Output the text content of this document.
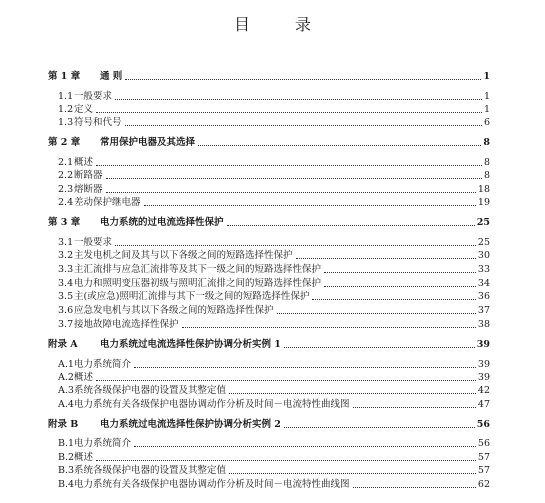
目 录
第 1 章	通 则	1
1.1 一般要求	1
1.2 定义	1
1.3 符号和代号	6
第 2 章	常用保护电器及其选择	8
2.1 概述	8
2.2 断路器	8
2.3 熔断器	18
2.4 差动保护继电器	19
第 3 章	电力系统的过电流选择性保护	25
3.1 一般要求	25
3.2 主发电机之间及其与以下各级之间的短路选择性保护	30
3.3 主汇流排与应急汇流排等及其下一级之间的短路选择性保护	33
3.4 电力和照明变压器初级与照明汇流排之间的短路选择性保护	34
3.5 主(或应急)照明汇流排与其下一级之间的短路选择性保护	36
3.6 应急发电机与其以下各级之间的短路选择性保护	37
3.7 接地故障电流选择性保护	38
附录 A	电力系统过电流选择性保护协调分析实例 1	39
A.1 电力系统简介	39
A.2 概述	39
A.3 系统各级保护电器的设置及其整定值	42
A.4 电力系统有关各级保护电器协调动作分析及时间－电流特性曲线图	47
附录 B	电力系统过电流选择性保护协调分析实例 2	56
B.1 电力系统简介	56
B.2 概述	57
B.3 系统各级保护电器的设置及其整定值	57
B.4 电力系统有关各级保护电器协调动作分析及时间－电流特性曲线图	62
